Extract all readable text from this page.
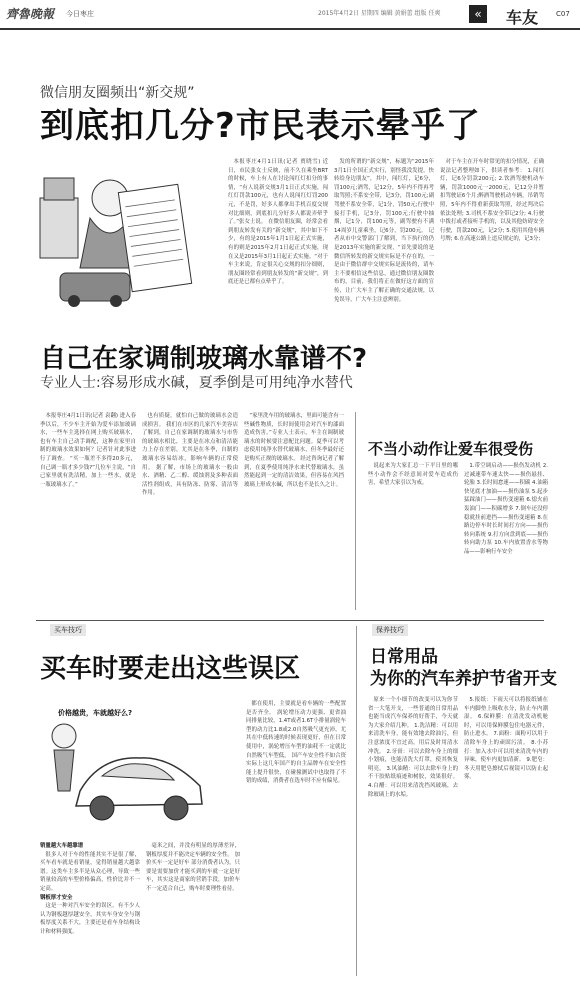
齊魯晚報 今日枣庄	2015年4月2日 星期四 编辑 黄娟蕾 组版 任爽	«	车友	C07
微信朋友圈频出“新交规”
到底扣几分?市民表示晕乎了

本报枣庄4月1日讯(记者 贾晓雪) 近日，市民张女士反映，前不久在乘坐BRT的时候，车上有人在讨论闯红灯扣分的事情，“有人说新交规3月1日正式实施，闯红灯罚款100元，也有人说闯红灯罚200元，不是罚，好多人都拿出手机百度交规对比细则，到底扣几分好多人都说弄晕乎了。”张女士说。 在微信朋友圈，经常会看到朋友转发有关的“新交规”，其中如下不少，有的是2015年1月1日起正式实施，有的则是2015年2月1日起正式实施，现在又是2015年3月1日起正式实施。“对于车主来说，肯定很关心交规的扣分细则，朋友圈经常看到朋友转发的“新交规”，到底还是已都有点晕乎了。

发的所谓的“新交规”，标题为“2015年3月1日全国正式实行，别怪我没发提，快转给身边朋友”，其中，闯红灯，记6分，罚100元;酒驾，记12分，5年内不得再考取驾照;不系安全带，记3分，罚100元;副驾驶不系安全带，记1分，罚50元;行驶中接打手机，记3分，罚100元;行驶中抽烟，记1分，罚100元等，副驾驶有不满14周岁儿童乘坐，记6分，罚200元。 记者从市中交警部门了解到，当下执行的仍是2013年实施的新交规，“首先要说的是微信所转发的新交规实际是不存在的，一是由于微信群中交规实际是流传的，请车主不要相信这些信息，通过微信朋友圈散布的，目前，我们将正在做好这方面的宣传，让广大车主了解正确的交通法规，以免误导，广大车主注意辨别。

对于车主在开车时常见的扣分情况，正确说法记者整理如下，供读者参考： 1.闯红灯，记6分罚款200元; 2.饮酒驾驶机动车辆，罚款1000元一2000元，记12分并暂扣驾驶证6个月;醉酒驾驶机动车辆，吊销驾照，5年内不得重新获取驾照，经过判决后依法处理; 3.司机不系安全带记2分; 4.行驶中拨打或者接听手机的，以及其他妨碍安全行驶，罚款200元，记2分; 5.使用其他车辆号牌; 6.在高速公路上违反规定的，记3分;

自己在家调制玻璃水靠谱不?
专业人士:容易形成水碱，夏季倒是可用纯净水替代

本报枣庄4月1日讯(记者 袁翻) 进入春季以后，不少车主开始为爱车添加玻璃水，一些车主选择在网上购买玻璃水，也有车主自己动手调配，这种在家里自制的玻璃水效果如何？记者针对此事进行了调查。 “买一瓶差不多得20多元，自己调一瓶才多少钱?”几位车主说，“自己家里就有洗洁精，加上一些水，就是一瓶玻璃水了。”

也有质疑，就怕自己做的玻璃水会造成损害。 我们在市区的几家汽车美容店了解到，自己在家调制的玻璃水与市售的玻璃水相比，主要是在冰点和清洁能力上存在差别，尤其是在冬季，自制的玻璃水容易结冰，影响车辆的正常使用。 据了解，市场上的玻璃水一般由水、酒精、乙二醇、缓蚀剂及多种表面活性剂组成，具有防冻、防雾、清洁等作用。

“家里洗车用的玻璃水，里面可能含有一些碱性物质，长时间使用会对汽车的漆面造成伤害。”专业人士表示，车主在调制玻璃水的时候要注意配比问题。夏季可以考虑使用纯净水替代玻璃水，但冬季最好还是购买正规的玻璃水。 经过咨询记者了解到，在夏季使用纯净水来代替玻璃水，虽然能起到一定的清洁效果，但容易在风挡玻璃上形成水碱，所以也不是长久之计。

不当小动作让爱车很受伤

说起来为大家汇总一下平日里的哪些小动作会不经意间对爱车造成伤害，希望大家引以为戒。

1.带空调启动——损伤发动机 2.过减速带车速太快——损伤悬挂、轮胎 3.长时间怠速——积碳 4.油箱快见底才加油——损伤油泵 5.起步猛踩油门——损伤变速箱 6.熄火前轰油门——积碳增多 7.倒车还没停稳就挂前进挡——损伤变速箱 8.在路边停车时长时间打方向——损伤转向系统 9.打方向盘到底——损伤转向助力泵 10.车内放置香水等物品——影响行车安全

买车技巧
买车时要走出这些误区
价格越贵，车就越好么?

销量越大车越靠谱

很多人对于车的性能其实不是很了解，买车看车就是看销量，觉得销量越大越靠谱。这类车主多半是从众心理，导致一些销量较高的车型价格偏高，性价比并不一定高。

钢板厚才安全

这是一种对汽车安全的误区。有不少人认为钢板越厚越安全，其实车身安全与钢板厚度关系不大，主要还是看车身结构设计和材料强度。

毫米之间，并没有明显的厚薄差异，钢板厚度并不能决定车辆的安全性。 加价买车一定是好车 部分消费者认为，只要是需要加价才能买到的车就一定是好车，其实这是商家的营销手段，加价车不一定适合自己，购车时要理性看待。

都在使用，主要就是看车辆的一些配置是否齐全。 涡轮增压动力更强、更省油 同排量比较，1.4T或者1.6T小排量涡轮车型的动力比1.8或2.0自然吸气更充沛，尤其在中低转速的时候表现更好，但在日常使用中，涡轮增压车型的油耗不一定就比自然吸气车型低。 国产车安全性不如合资 实际上这几年国产的自主品牌车在安全性能上提升很快，在碰撞测试中也取得了不错的成绩，消费者在选车时不应有偏见。

保养技巧
日常用品
为你的汽车养护节省开支

原来一个小细节的改变可以为你节省一大笔开支，一些普通的日常用品也能当成汽车保养的好帮手，今天就为大家介绍几种。 1.洗洁精：可以用来清洗车身，能有效地去除油污，但注意浓度不宜过高，用后及时用清水冲洗。 2.牙膏：可以去除车身上的细小划痕，也能清洗大灯罩，使其恢复明亮。 3.风油精：可以去除车身上的不干胶贴纸痕迹和树胶，效果很好。 4.白醋：可以用来清洗挡风玻璃，去除玻璃上的水垢。

5.报纸：下雨天可以将报纸铺在车内脚垫上吸收水分，防止车内潮湿。 6.保鲜膜：在清洗发动机舱时，可以用保鲜膜包住电器元件，防止进水。 7.面粉：面粉可以用于清除车身上的顽固污渍。 8.小苏打：加入水中可以用来清洗车内的异味，使车内更加清新。 9.肥皂：冬天用肥皂擦拭后视镜可以防止起雾。
